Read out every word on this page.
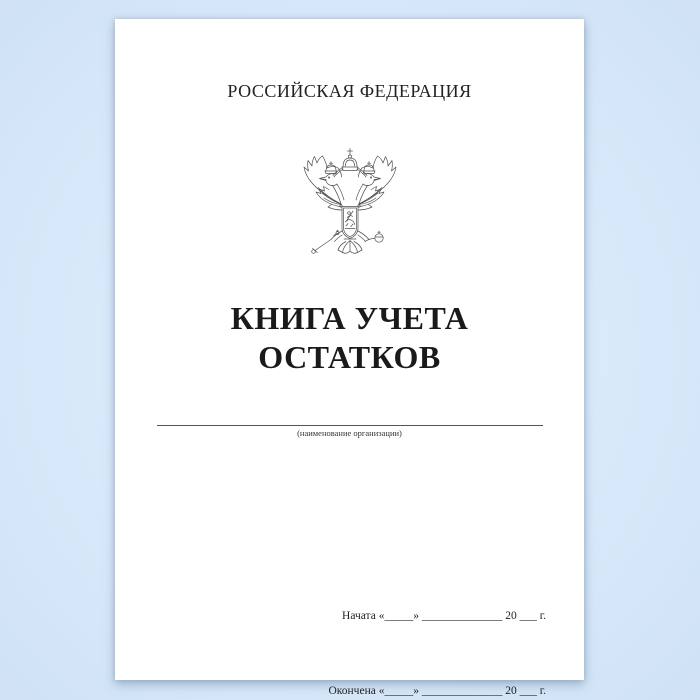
РОССИЙСКАЯ ФЕДЕРАЦИЯ
КНИГА УЧЕТА
ОСТАТКОВ
(наименование организации)

Начата «_____» ______________ 20 ___ г.

Окончена «_____» ______________ 20 ___ г.
